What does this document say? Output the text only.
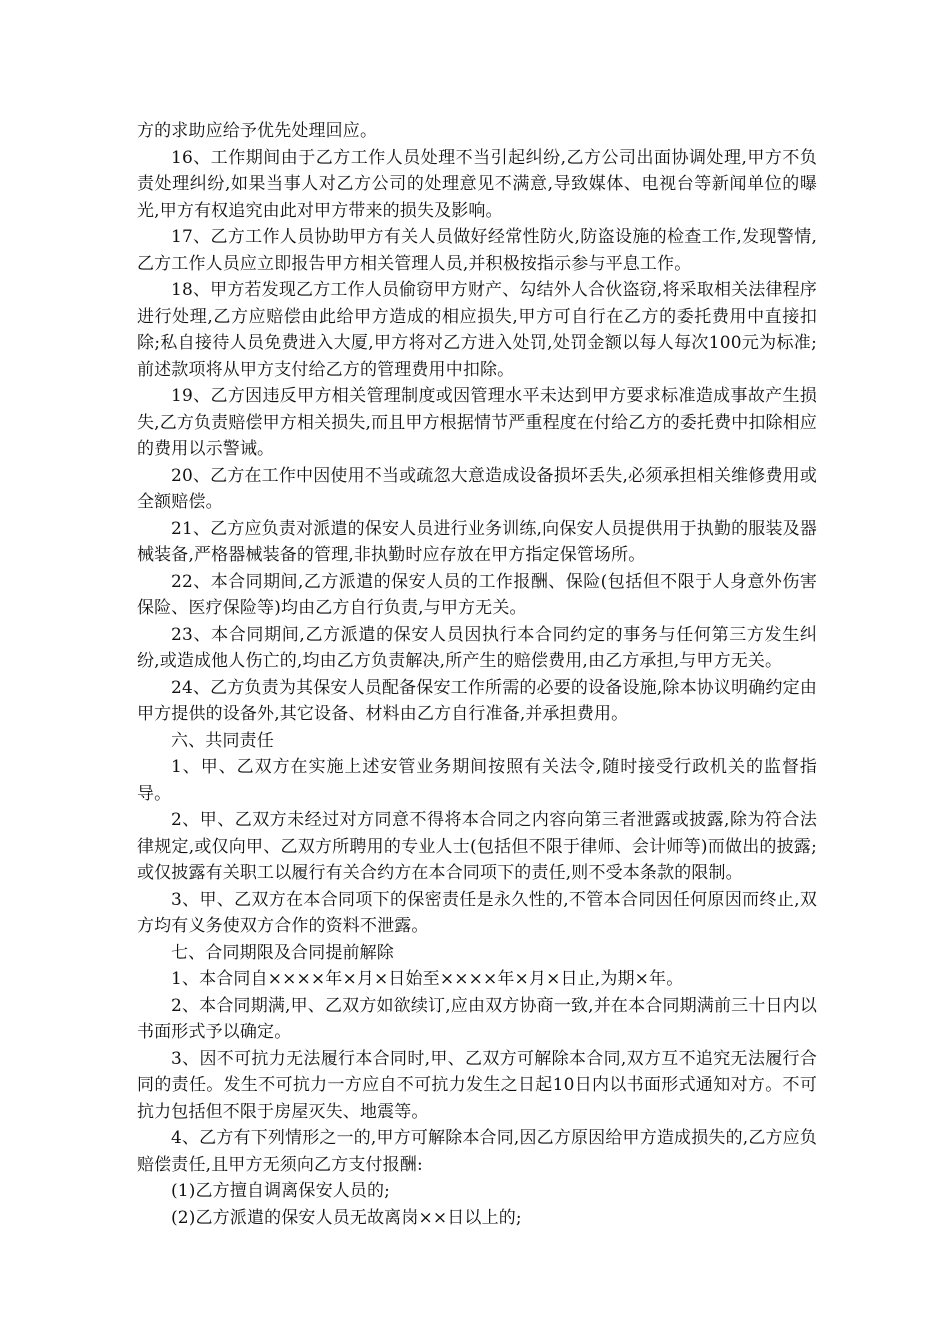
方的求助应给予优先处理回应。

16、工作期间由于乙方工作人员处理不当引起纠纷,乙方公司出面协调处理,甲方不负责处理纠纷,如果当事人对乙方公司的处理意见不满意,导致媒体、电视台等新闻单位的曝光,甲方有权追究由此对甲方带来的损失及影响。

17、乙方工作人员协助甲方有关人员做好经常性防火,防盗设施的检查工作,发现警情,乙方工作人员应立即报告甲方相关管理人员,并积极按指示参与平息工作。

18、甲方若发现乙方工作人员偷窃甲方财产、勾结外人合伙盗窃,将采取相关法律程序进行处理,乙方应赔偿由此给甲方造成的相应损失,甲方可自行在乙方的委托费用中直接扣除;私自接待人员免费进入大厦,甲方将对乙方进入处罚,处罚金额以每人每次100元为标准;前述款项将从甲方支付给乙方的管理费用中扣除。

19、乙方因违反甲方相关管理制度或因管理水平未达到甲方要求标准造成事故产生损失,乙方负责赔偿甲方相关损失,而且甲方根据情节严重程度在付给乙方的委托费中扣除相应的费用以示警诫。

20、乙方在工作中因使用不当或疏忽大意造成设备损坏丢失,必须承担相关维修费用或全额赔偿。

21、乙方应负责对派遣的保安人员进行业务训练,向保安人员提供用于执勤的服装及器械装备,严格器械装备的管理,非执勤时应存放在甲方指定保管场所。

22、本合同期间,乙方派遣的保安人员的工作报酬、保险(包括但不限于人身意外伤害保险、医疗保险等)均由乙方自行负责,与甲方无关。

23、本合同期间,乙方派遣的保安人员因执行本合同约定的事务与任何第三方发生纠纷,或造成他人伤亡的,均由乙方负责解决,所产生的赔偿费用,由乙方承担,与甲方无关。

24、乙方负责为其保安人员配备保安工作所需的必要的设备设施,除本协议明确约定由甲方提供的设备外,其它设备、材料由乙方自行准备,并承担费用。

六、共同责任

1、甲、乙双方在实施上述安管业务期间按照有关法令,随时接受行政机关的监督指导。

2、甲、乙双方未经过对方同意不得将本合同之内容向第三者泄露或披露,除为符合法律规定,或仅向甲、乙双方所聘用的专业人士(包括但不限于律师、会计师等)而做出的披露;或仅披露有关职工以履行有关合约方在本合同项下的责任,则不受本条款的限制。

3、甲、乙双方在本合同项下的保密责任是永久性的,不管本合同因任何原因而终止,双方均有义务使双方合作的资料不泄露。

七、合同期限及合同提前解除

1、本合同自××××年×月×日始至××××年×月×日止,为期×年。

2、本合同期满,甲、乙双方如欲续订,应由双方协商一致,并在本合同期满前三十日内以书面形式予以确定。

3、因不可抗力无法履行本合同时,甲、乙双方可解除本合同,双方互不追究无法履行合同的责任。发生不可抗力一方应自不可抗力发生之日起10日内以书面形式通知对方。不可抗力包括但不限于房屋灭失、地震等。

4、乙方有下列情形之一的,甲方可解除本合同,因乙方原因给甲方造成损失的,乙方应负赔偿责任,且甲方无须向乙方支付报酬:

(1)乙方擅自调离保安人员的;

(2)乙方派遣的保安人员无故离岗××日以上的;
